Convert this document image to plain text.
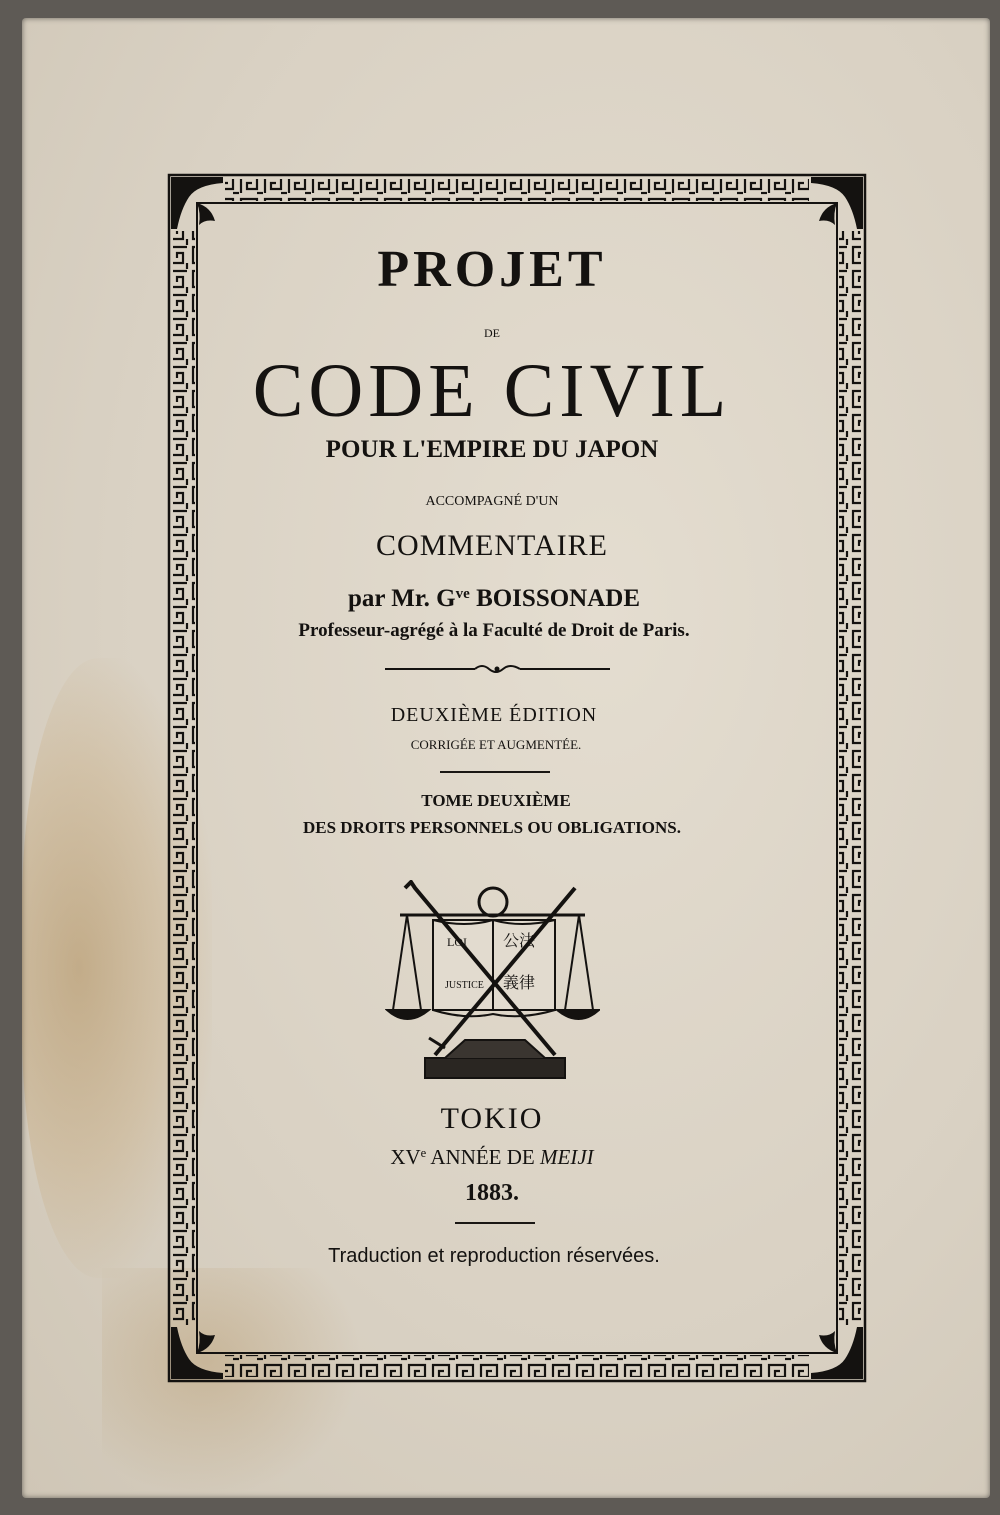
PROJET
DE
CODE CIVIL
POUR L'EMPIRE DU JAPON
ACCOMPAGNÉ D'UN
COMMENTAIRE
par Mr. $G^{ve}$ BOISSONADE
Professeur-agrégé à la Faculté de Droit de Paris.
DEUXIÈME ÉDITION
CORRIGÉE ET AUGMENTÉE.
TOME DEUXIÈME
DES DROITS PERSONNELS OU OBLIGATIONS.
LOI
JUSTICE
公法
義律
TOKIO
XVe ANNÉE DE MEIJI
1883.
Traduction et reproduction réservées.
